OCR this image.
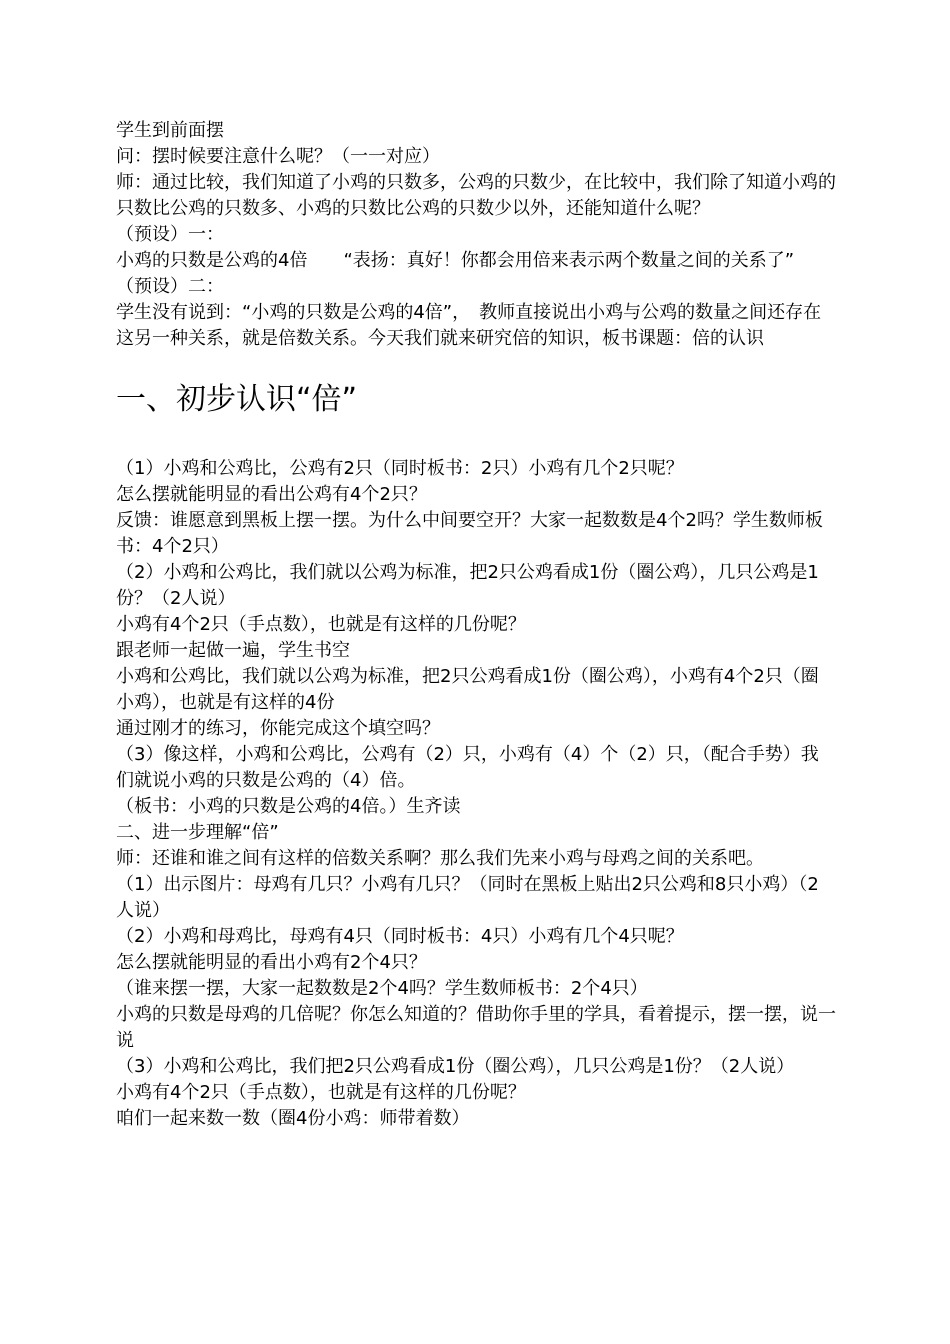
学生到前面摆

问：摆时候要注意什么呢？（一一对应）

师：通过比较，我们知道了小鸡的只数多，公鸡的只数少，在比较中，我们除了知道小鸡的只数比公鸡的只数多、小鸡的只数比公鸡的只数少以外，还能知道什么呢？

（预设）一：

小鸡的只数是公鸡的4倍　　“表扬：真好！你都会用倍来表示两个数量之间的关系了”

（预设）二：

学生没有说到：“小鸡的只数是公鸡的4倍”，　教师直接说出小鸡与公鸡的数量之间还存在这另一种关系，就是倍数关系。今天我们就来研究倍的知识，板书课题：倍的认识

一、初步认识“倍”

（1）小鸡和公鸡比，公鸡有2只（同时板书：2只）小鸡有几个2只呢？

怎么摆就能明显的看出公鸡有4个2只？

反馈：谁愿意到黑板上摆一摆。为什么中间要空开？大家一起数数是4个2吗？学生数师板书：4个2只）

（2）小鸡和公鸡比，我们就以公鸡为标准，把2只公鸡看成1份（圈公鸡），几只公鸡是1份？（2人说）

小鸡有4个2只（手点数），也就是有这样的几份呢？

跟老师一起做一遍，学生书空

小鸡和公鸡比，我们就以公鸡为标准，把2只公鸡看成1份（圈公鸡），小鸡有4个2只（圈小鸡），也就是有这样的4份

通过刚才的练习，你能完成这个填空吗？

（3）像这样，小鸡和公鸡比，公鸡有（2）只，小鸡有（4）个（2）只，（配合手势）我们就说小鸡的只数是公鸡的（4）倍。

（板书：小鸡的只数是公鸡的4倍。）生齐读

二、进一步理解“倍”

师：还谁和谁之间有这样的倍数关系啊？那么我们先来小鸡与母鸡之间的关系吧。

（1）出示图片：母鸡有几只？小鸡有几只？（同时在黑板上贴出2只公鸡和8只小鸡）（2人说）

（2）小鸡和母鸡比，母鸡有4只（同时板书：4只）小鸡有几个4只呢？

怎么摆就能明显的看出小鸡有2个4只？

（谁来摆一摆，大家一起数数是2个4吗？学生数师板书：2个4只）

小鸡的只数是母鸡的几倍呢？你怎么知道的？借助你手里的学具，看着提示，摆一摆，说一说

（3）小鸡和公鸡比，我们把2只公鸡看成1份（圈公鸡），几只公鸡是1份？（2人说）

小鸡有4个2只（手点数），也就是有这样的几份呢？

咱们一起来数一数（圈4份小鸡：师带着数）
